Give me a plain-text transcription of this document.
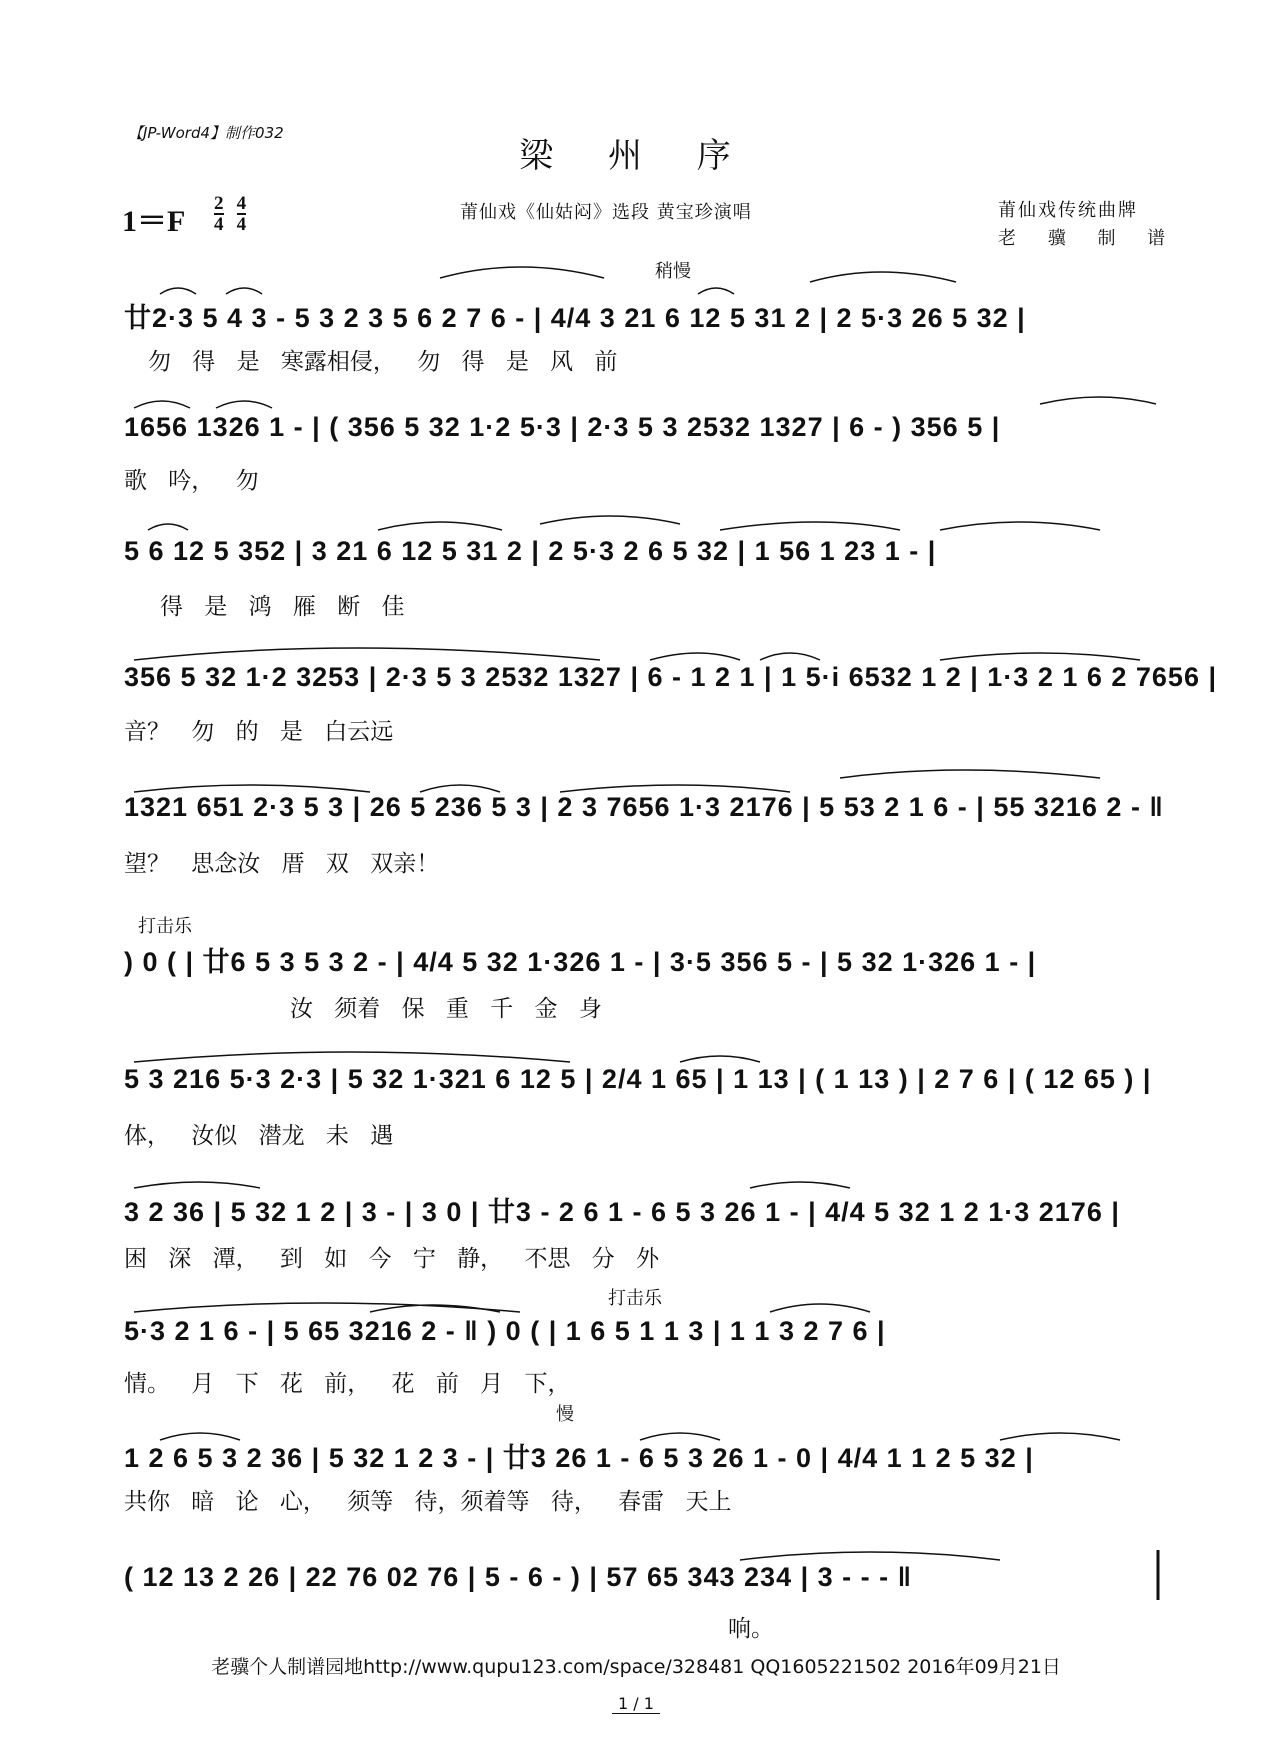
【JP-Word4】制作032
梁 州 序
$1=F \frac{2}{4}$
$\frac{4}{4}$	莆仙戏《仙姑闷》选段 黄宝珍演唱	莆仙戏传统曲牌
老 骥 制 谱
稍慢
打击乐
打击乐
慢
廿2·3 5 4 3 - 5 3 2 3 5 6 2 7 6 - | 4/4 3 21 6 12 5 31 2 | 2 5·3 26 5 32 |
勿 得 是 寒露相侵， 勿 得 是 风 前
1656 1326 1 - | ( 356 5 32 1·2 5·3 | 2·3 5 3 2532 1327 | 6 - ) 356 5 |
歌 吟， 勿
5 6 12 5 352 | 3 21 6 12 5 31 2 | 2 5·3 2 6 5 32 | 1 56 1 23 1 - |
得 是 鸿 雁 断 佳
356 5 32 1·2 3253 | 2·3 5 3 2532 1327 | 6 - 1 2 1 | 1 5·i 6532 1 2 | 1·3 2 1 6 2 7656 |
音？ 勿 的 是 白云远
1321 651 2·3 5 3 | 26 5 236 5 3 | 2 3 7656 1·3 2176 | 5 53 2 1 6 - | 55 3216 2 - ‖
望？ 思念汝 厝 双 双亲！
) 0 ( | 廿6 5 3 5 3 2 - | 4/4 5 32 1·326 1 - | 3·5 356 5 - | 5 32 1·326 1 - |
汝 须着 保 重 千 金 身
5 3 216 5·3 2·3 | 5 32 1·321 6 12 5 | 2/4 1 65 | 1 13 | ( 1 13 ) | 2 7 6 | ( 12 65 ) |
体， 汝似 潜龙 未 遇
3 2 36 | 5 32 1 2 | 3 - | 3 0 | 廿3 - 2 6 1 - 6 5 3 26 1 - | 4/4 5 32 1 2 1·3 2176 |
困 深 潭， 到 如 今 宁 静， 不思 分 外
5·3 2 1 6 - | 5 65 3216 2 - ‖ ) 0 ( | 1 6 5 1 1 3 | 1 1 3 2 7 6 |
情。 月 下 花 前， 花 前 月 下，
1 2 6 5 3 2 36 | 5 32 1 2 3 - | 廿3 26 1 - 6 5 3 26 1 - 0 | 4/4 1 1 2 5 32 |
共你 暗 论 心， 须等 待，须着等 待， 春雷 天上
( 12 13 2 26 | 22 76 02 76 | 5 - 6 - ) | 57 65 343 234 | 3 - - - ‖
响。
老骥个人制谱园地http://www.qupu123.com/space/328481 QQ1605221502 2016年09月21日
1 / 1
